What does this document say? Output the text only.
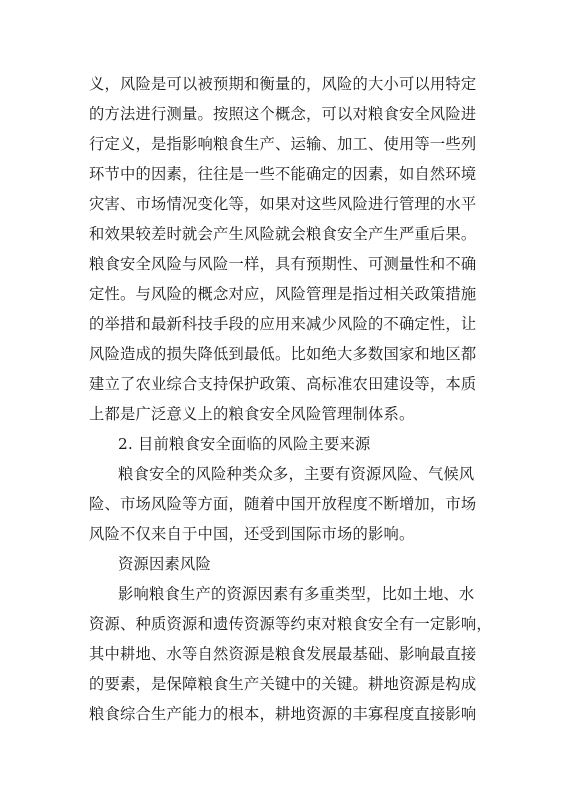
义，风险是可以被预期和衡量的，风险的大小可以用特定
的方法进行测量。按照这个概念，可以对粮食安全风险进
行定义，是指影响粮食生产、运输、加工、使用等一些列
环节中的因素，往往是一些不能确定的因素，如自然环境
灾害、市场情况变化等，如果对这些风险进行管理的水平
和效果较差时就会产生风险就会粮食安全产生严重后果。
粮食安全风险与风险一样，具有预期性、可测量性和不确
定性。与风险的概念对应，风险管理是指过相关政策措施
的举措和最新科技手段的应用来减少风险的不确定性，让
风险造成的损失降低到最低。比如绝大多数国家和地区都
建立了农业综合支持保护政策、高标准农田建设等，本质
上都是广泛意义上的粮食安全风险管理制体系。
2. 目前粮食安全面临的风险主要来源
粮食安全的风险种类众多，主要有资源风险、气候风
险、市场风险等方面，随着中国开放程度不断增加，市场
风险不仅来自于中国，还受到国际市场的影响。
资源因素风险
影响粮食生产的资源因素有多重类型，比如土地、水
资源、种质资源和遗传资源等约束对粮食安全有一定影响，
其中耕地、水等自然资源是粮食发展最基础、影响最直接
的要素，是保障粮食生产关键中的关键。耕地资源是构成
粮食综合生产能力的根本，耕地资源的丰寡程度直接影响
